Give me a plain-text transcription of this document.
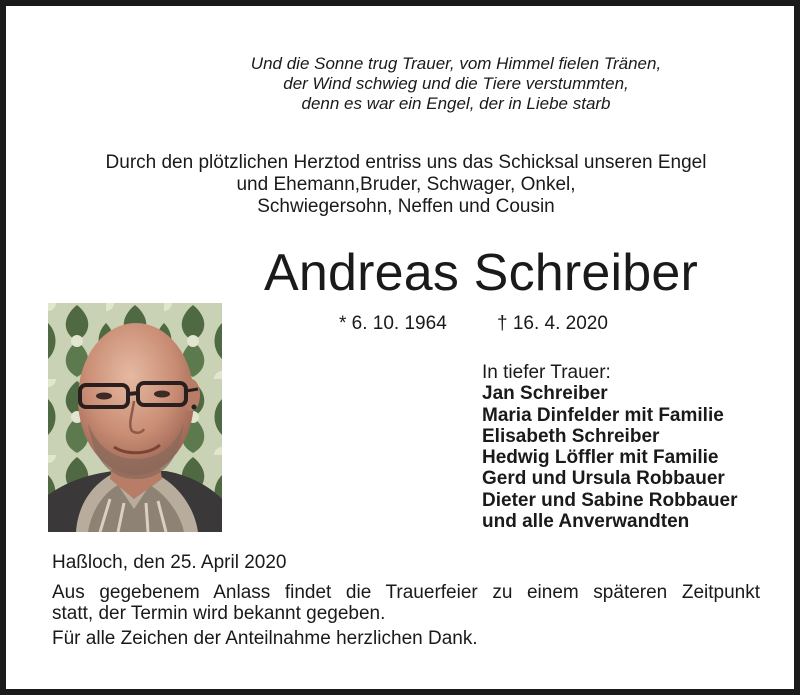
Und die Sonne trug Trauer, vom Himmel fielen Tränen,
der Wind schwieg und die Tiere verstummten,
denn es war ein Engel, der in Liebe starb
Durch den plötzlichen Herztod entriss uns das Schicksal unseren Engel
und Ehemann,Bruder, Schwager, Onkel,
Schwiegersohn, Neffen und Cousin
Andreas Schreiber
* 6. 10. 1964	† 16. 4. 2020
In tiefer Trauer:
Jan Schreiber
Maria Dinfelder mit Familie
Elisabeth Schreiber
Hedwig Löffler mit Familie
Gerd und Ursula Robbauer
Dieter und Sabine Robbauer
und alle Anverwandten
Haßloch, den 25. April 2020
Aus gegebenem Anlass findet die Trauerfeier zu einem späteren Zeitpunkt
statt, der Termin wird bekannt gegeben.
Für alle Zeichen der Anteilnahme herzlichen Dank.
